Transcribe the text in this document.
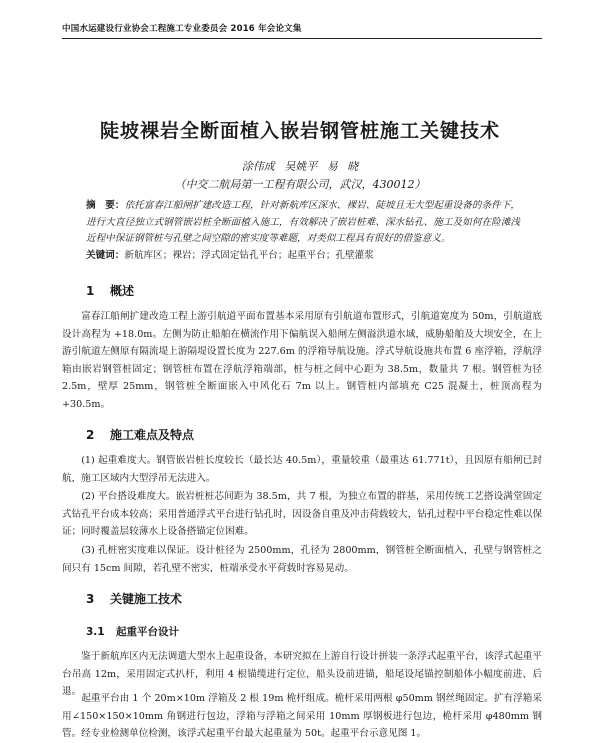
中国水运建设行业协会工程施工专业委员会 2016 年会论文集
陡坡裸岩全断面植入嵌岩钢管桩施工关键技术
涂伟成 吴姚平 易 晓
（中交二航局第一工程有限公司，武汉，430012）
摘　要：依托富春江船闸扩建改造工程，针对新航库区深水、裸岩、陡坡且无大型起重设备的条件下，进行大直径独立式钢管嵌岩桩全断面植入施工，有效解决了嵌岩桩难、深水钻孔、施工及如何在险滩浅近程中保证钢管桩与孔壁之间空隙的密实度等难题，对类似工程具有很好的借鉴意义。
关键词：新航库区；裸岩；浮式固定钻孔平台；起重平台；孔壁灌浆
1 概述
富春江船闸扩建改造工程上游引航道平面布置基本采用原有引航道布置形式，引航道宽度为 50m，引航道底设计高程为 +18.0m。左侧为防止船舶在横流作用下偏航误入船闸左侧溢洪道水域，威胁船舶及大坝安全，在上游引航道左侧原有隔流堤上游隔堤设置长度为 227.6m 的浮箱导航设施。浮式导航设施共布置 6 座浮箱，浮航浮箱由嵌岩钢管桩固定；钢管桩布置在浮航浮箱端部，桩与桩之间中心距为 38.5m，数量共 7 根。钢管桩为径 2.5m，壁厚 25mm，钢管桩全断面嵌入中风化石 7m 以上。钢管桩内部填充 C25 混凝土，桩顶高程为 +30.5m。
2 施工难点及特点
(1) 起重难度大。钢管嵌岩桩长度较长（最长达 40.5m），重量较重（最重达 61.771t），且因原有船闸已封航，施工区域内大型浮吊无法进入。
(2) 平台搭设难度大。嵌岩桩桩芯间距为 38.5m，共 7 根，为独立布置的群基，采用传统工艺搭设满堂固定式钻孔平台成本较高；采用普通浮式平台进行钻孔时，因设备自重及冲击荷载较大，钻孔过程中平台稳定性难以保证；同时覆盖层较薄水上设备搭锚定位困难。
(3) 孔桩密实度难以保证。设计桩径为 2500mm，孔径为 2800mm，钢管桩全断面植入，孔壁与钢管桩之间只有 15cm 间隙，若孔壁不密实，桩端承受水平荷载时容易晃动。
3 关键施工技术
3.1 起重平台设计
鉴于新航库区内无法调遣大型水上起重设备，本研究拟在上游自行设计拼装一条浮式起重平台，该浮式起重平台吊高 12m，采用固定式扒杆，利用 4 根锚缆进行定位，船头设前进锚，船尾设尾锚控制船体小幅度前进、后退。
起重平台由 1 个 20m×10m 浮箱及 2 根 19m 桅杆组成。桅杆采用两根 φ50mm 钢丝绳固定。扩有浮箱采用∠150×150×10mm 角钢进行包边，浮箱与浮箱之间采用 10mm 厚钢板进行包边，桅杆采用 φ480mm 钢管。经专业检测单位检测，该浮式起重平台最大起重量为 50t。起重平台示意见图 1。
